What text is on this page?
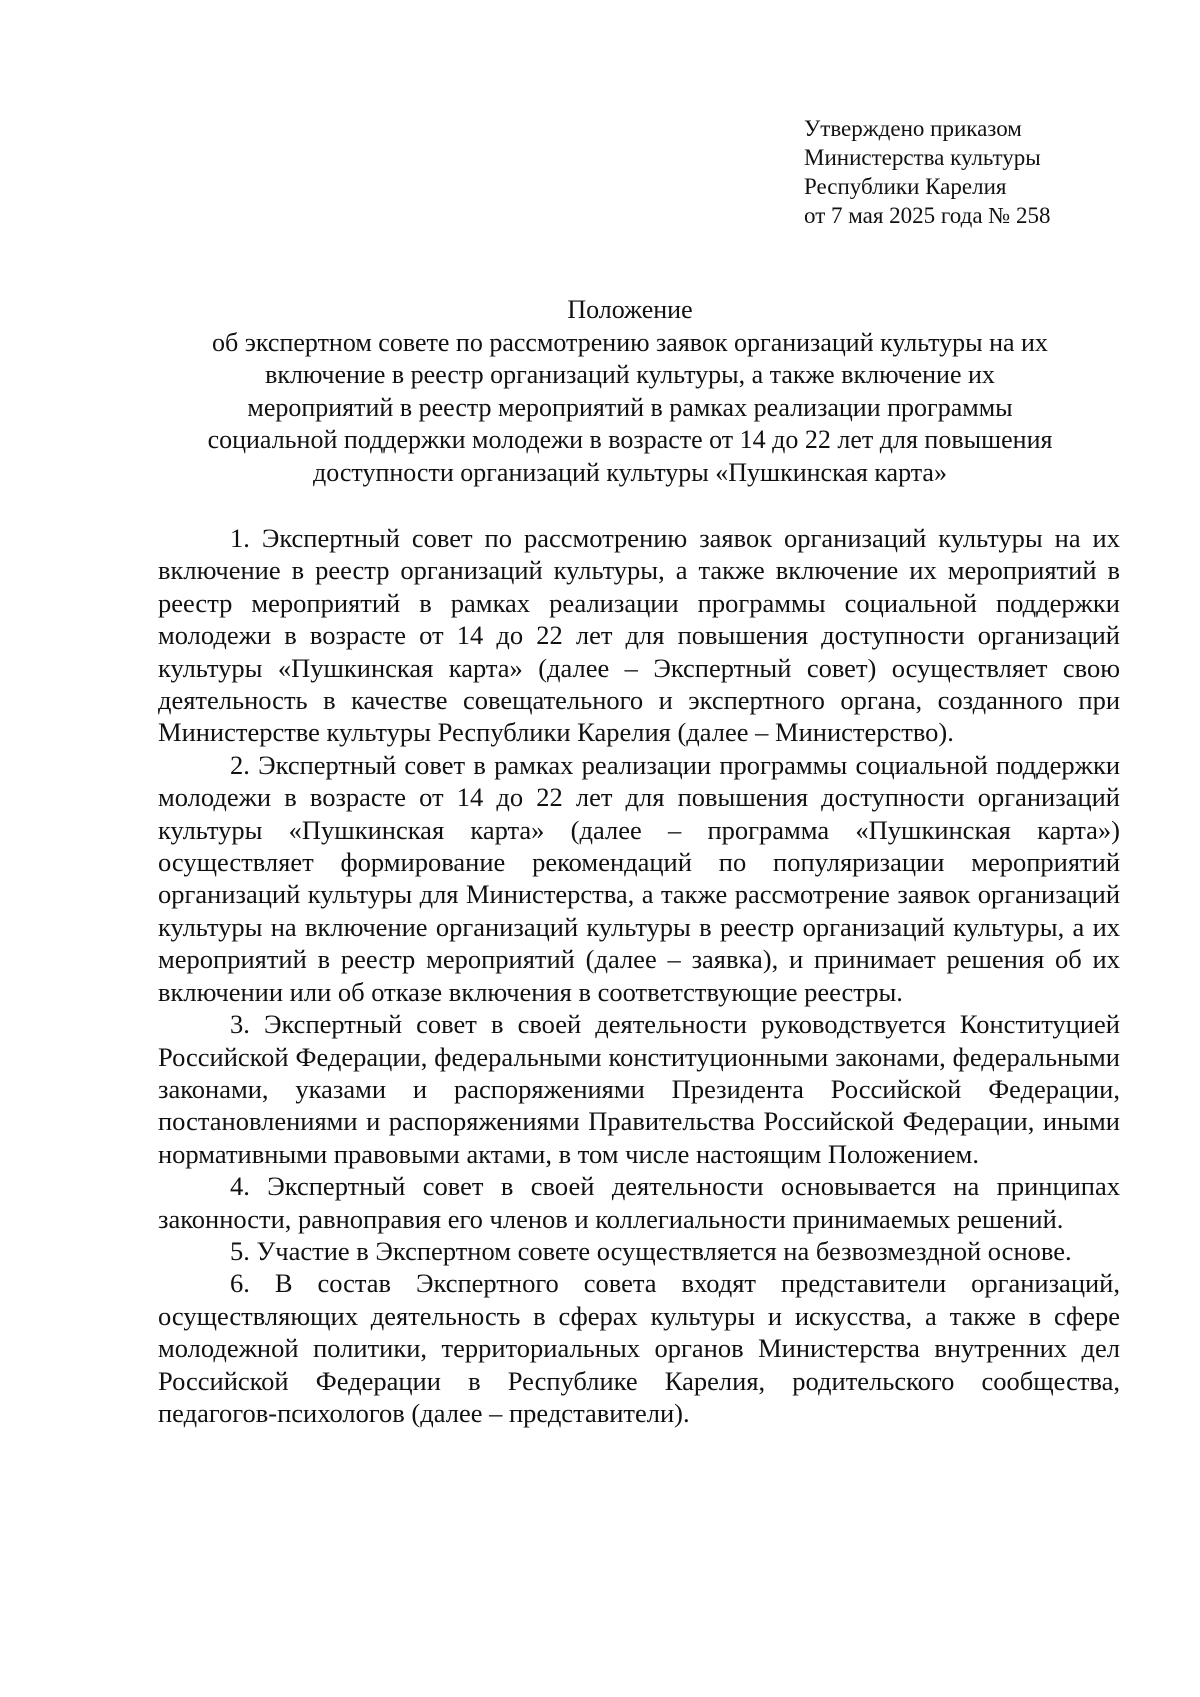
Утверждено приказом
Министерства культуры
Республики Карелия
от 7 мая 2025 года № 258
Положение
об экспертном совете по рассмотрению заявок организаций культуры на их
включение в реестр организаций культуры, а также включение их
мероприятий в реестр мероприятий в рамках реализации программы
социальной поддержки молодежи в возрасте от 14 до 22 лет для повышения
доступности организаций культуры «Пушкинская карта»

1. Экспертный совет по рассмотрению заявок организаций культуры на их включение в реестр организаций культуры, а также включение их мероприятий в реестр мероприятий в рамках реализации программы социальной поддержки молодежи в возрасте от 14 до 22 лет для повышения доступности организаций культуры «Пушкинская карта» (далее – Экспертный совет) осуществляет свою деятельность в качестве совещательного и экспертного органа, созданного при Министерстве культуры Республики Карелия (далее – Министерство).

2. Экспертный совет в рамках реализации программы социальной поддержки молодежи в возрасте от 14 до 22 лет для повышения доступности организаций культуры «Пушкинская карта» (далее – программа «Пушкинская карта») осуществляет формирование рекомендаций по популяризации мероприятий организаций культуры для Министерства, а также рассмотрение заявок организаций культуры на включение организаций культуры в реестр организаций культуры, а их мероприятий в реестр мероприятий (далее – заявка), и принимает решения об их включении или об отказе включения в соответствующие реестры.

3. Экспертный совет в своей деятельности руководствуется Конституцией Российской Федерации, федеральными конституционными законами, федеральными законами, указами и распоряжениями Президента Российской Федерации, постановлениями и распоряжениями Правительства Российской Федерации, иными нормативными правовыми актами, в том числе настоящим Положением.

4. Экспертный совет в своей деятельности основывается на принципах законности, равноправия его членов и коллегиальности принимаемых решений.

5. Участие в Экспертном совете осуществляется на безвозмездной основе.

6. В состав Экспертного совета входят представители организаций, осуществляющих деятельность в сферах культуры и искусства, а также в сфере молодежной политики, территориальных органов Министерства внутренних дел Российской Федерации в Республике Карелия, родительского сообщества, педагогов-психологов (далее – представители).
